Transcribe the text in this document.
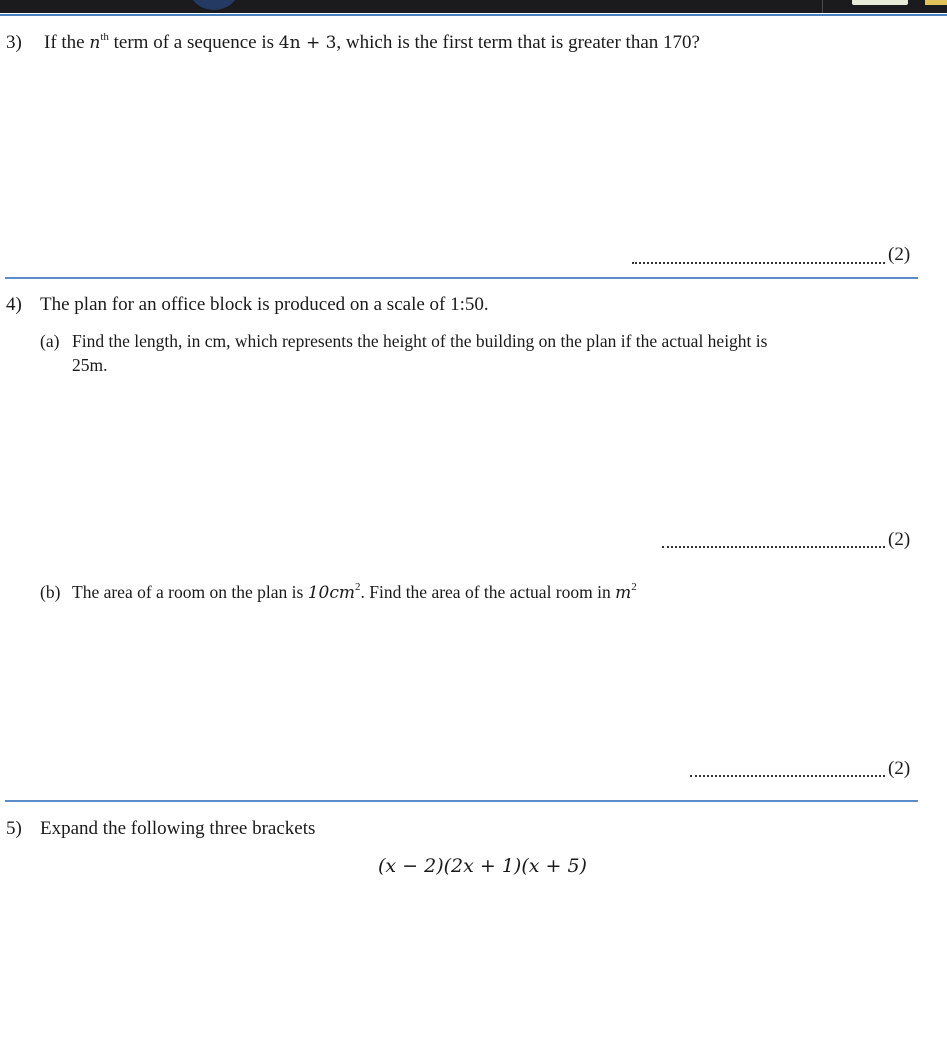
3) If the $n^{th}$ term of a sequence is 4n + 3, which is the first term that is greater than 170?
(2)
4) The plan for an office block is produced on a scale of 1:50.
(a) Find the length, in cm, which represents the height of the building on the plan if the actual height is
25m.
(2)
(b) The area of a room on the plan is $10cm^2$. Find the area of the actual room in $m^2$
(2)
5) Expand the following three brackets
(x − 2)(2x + 1)(x + 5)
